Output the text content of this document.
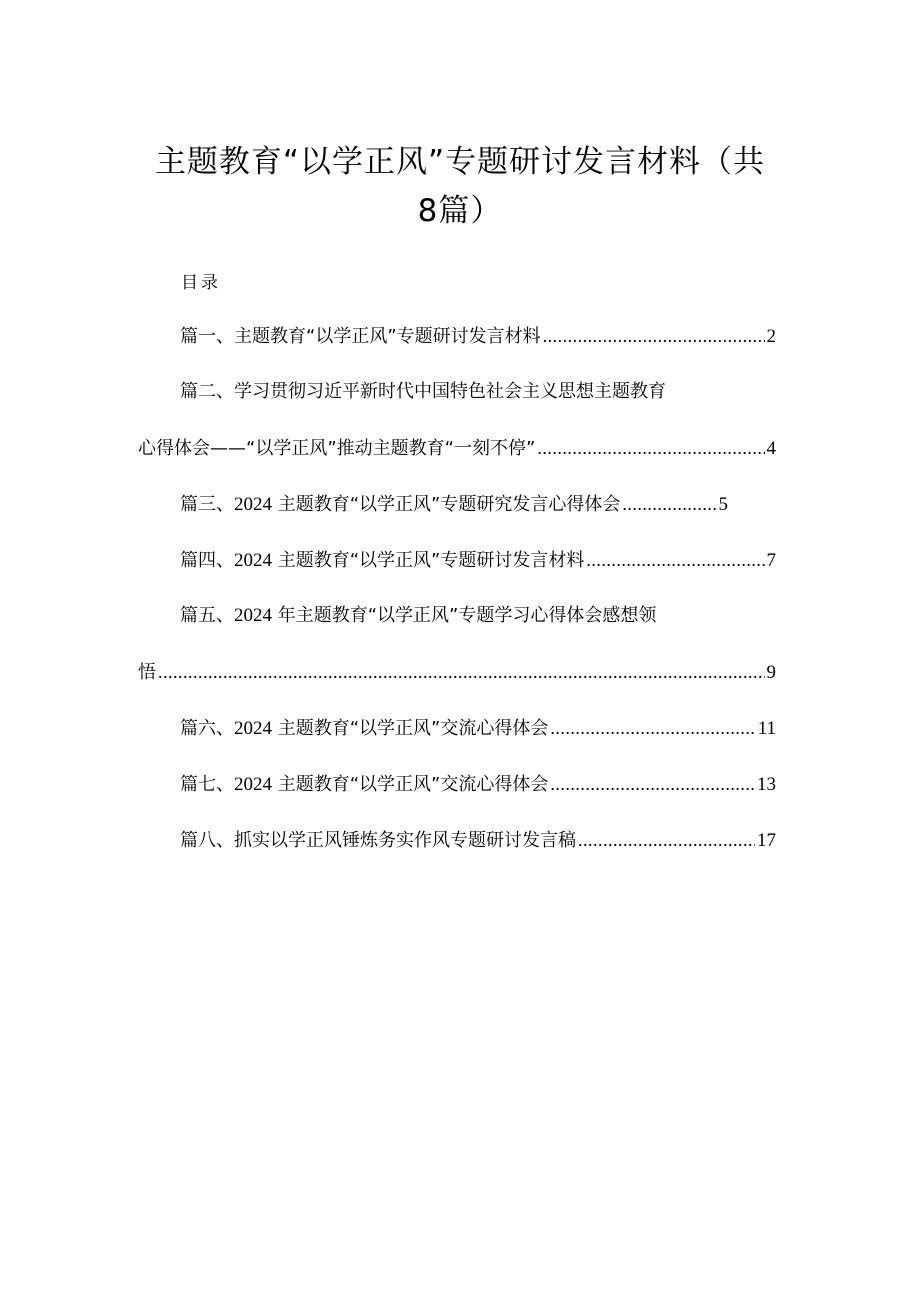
主题教育“以学正风”专题研讨发言材料（共
8篇）
目录
篇一、主题教育“以学正风”专题研讨发言材料 .....	2
篇二、学习贯彻习近平新时代中国特色社会主义思想主题教育
心得体会——“以学正风”推动主题教育“一刻不停” .....	4
篇三、2024 主题教育“以学正风”专题研究发言心得体会 .....	5
篇四、2024 主题教育“以学正风”专题研讨发言材料 .....	7
篇五、2024 年主题教育“以学正风”专题学习心得体会感想领
悟 .....	9
篇六、2024 主题教育“以学正风”交流心得体会 .....	11
篇七、2024 主题教育“以学正风”交流心得体会 .....	13
篇八、抓实以学正风锤炼务实作风专题研讨发言稿 .....	17
